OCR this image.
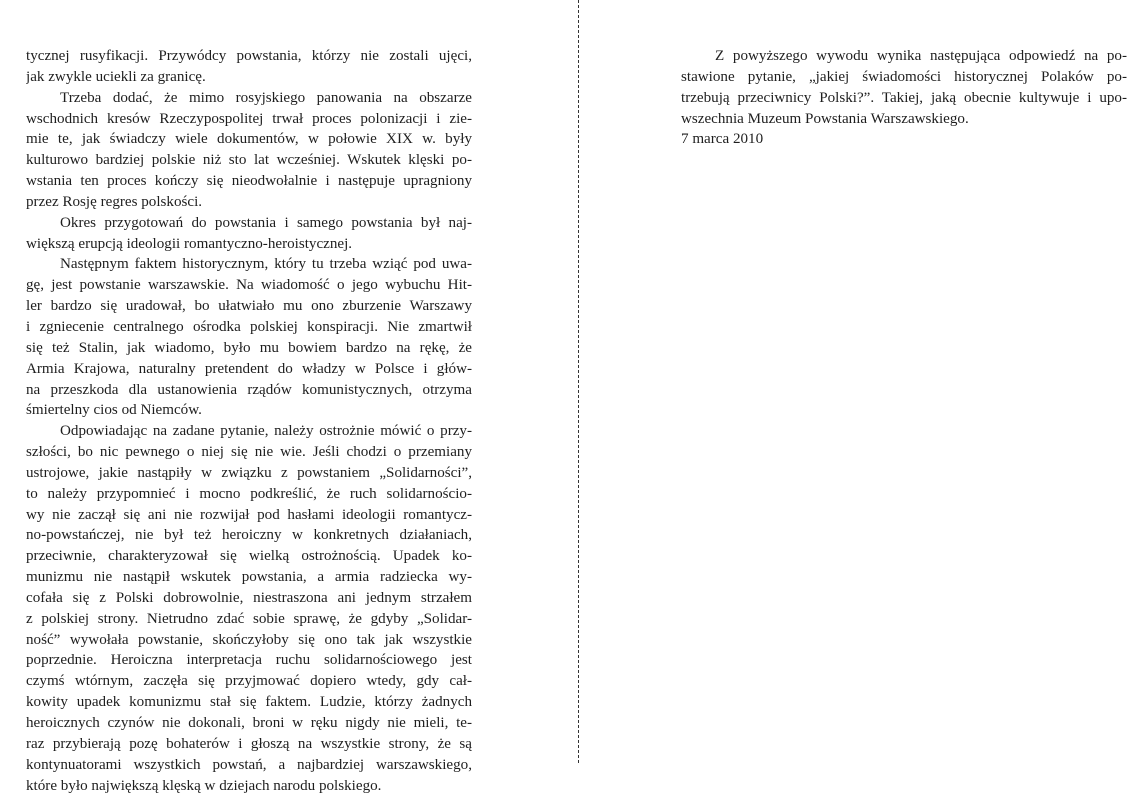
tycznej rusyfikacji. Przywódcy powstania, którzy nie zostali ujęci,
jak zwykle uciekli za granicę.
Trzeba dodać, że mimo rosyjskiego panowania na obszarze
wschodnich kresów Rzeczypospolitej trwał proces polonizacji i zie-
mie te, jak świadczy wiele dokumentów, w połowie XIX w. były
kulturowo bardziej polskie niż sto lat wcześniej. Wskutek klęski po-
wstania ten proces kończy się nieodwołalnie i następuje upragniony
przez Rosję regres polskości.
Okres przygotowań do powstania i samego powstania był naj-
większą erupcją ideologii romantyczno-heroistycznej.
Następnym faktem historycznym, który tu trzeba wziąć pod uwa-
gę, jest powstanie warszawskie. Na wiadomość o jego wybuchu Hit-
ler bardzo się uradował, bo ułatwiało mu ono zburzenie Warszawy
i zgniecenie centralnego ośrodka polskiej konspiracji. Nie zmartwił
się też Stalin, jak wiadomo, było mu bowiem bardzo na rękę, że
Armia Krajowa, naturalny pretendent do władzy w Polsce i głów-
na przeszkoda dla ustanowienia rządów komunistycznych, otrzyma
śmiertelny cios od Niemców.
Odpowiadając na zadane pytanie, należy ostrożnie mówić o przy-
szłości, bo nic pewnego o niej się nie wie. Jeśli chodzi o przemiany
ustrojowe, jakie nastąpiły w związku z powstaniem „Solidarności”,
to należy przypomnieć i mocno podkreślić, że ruch solidarnościo-
wy nie zaczął się ani nie rozwijał pod hasłami ideologii romantycz-
no-powstańczej, nie był też heroiczny w konkretnych działaniach,
przeciwnie, charakteryzował się wielką ostrożnością. Upadek ko-
munizmu nie nastąpił wskutek powstania, a armia radziecka wy-
cofała się z Polski dobrowolnie, niestraszona ani jednym strzałem
z polskiej strony. Nietrudno zdać sobie sprawę, że gdyby „Solidar-
ność” wywołała powstanie, skończyłoby się ono tak jak wszystkie
poprzednie. Heroiczna interpretacja ruchu solidarnościowego jest
czymś wtórnym, zaczęła się przyjmować dopiero wtedy, gdy cał-
kowity upadek komunizmu stał się faktem. Ludzie, którzy żadnych
heroicznych czynów nie dokonali, broni w ręku nigdy nie mieli, te-
raz przybierają pozę bohaterów i głoszą na wszystkie strony, że są
kontynuatorami wszystkich powstań, a najbardziej warszawskiego,
które było największą klęską w dziejach narodu polskiego.
Z powyższego wywodu wynika następująca odpowiedź na po-
stawione pytanie, „jakiej świadomości historycznej Polaków po-
trzebują przeciwnicy Polski?”. Takiej, jaką obecnie kultywuje i upo-
wszechnia Muzeum Powstania Warszawskiego.
7 marca 2010
